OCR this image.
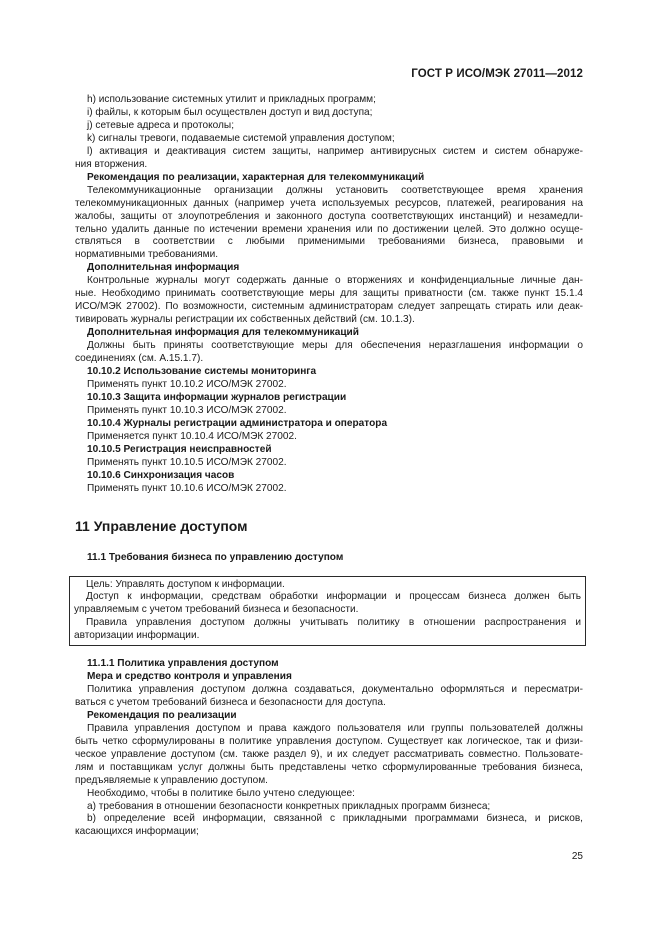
ГОСТ Р ИСО/МЭК 27011—2012
h) использование системных утилит и прикладных программ;
i) файлы, к которым был осуществлен доступ и вид доступа;
j) сетевые адреса и протоколы;
k) сигналы тревоги, подаваемые системой управления доступом;
l) активация и деактивация систем защиты, например антивирусных систем и систем обнаруже-
ния вторжения.
Рекомендация по реализации, характерная для телекоммуникаций
Телекоммуникационные организации должны установить соответствующее время хранения
телекоммуникационных данных (например учета используемых ресурсов, платежей, реагирования на
жалобы, защиты от злоупотребления и законного доступа соответствующих инстанций) и незамедли-
тельно удалить данные по истечении времени хранения или по достижении целей. Это должно осуще-
ствляться в соответствии с любыми применимыми требованиями бизнеса, правовыми и
нормативными требованиями.
Дополнительная информация
Контрольные журналы могут содержать данные о вторжениях и конфиденциальные личные дан-
ные. Необходимо принимать соответствующие меры для защиты приватности (см. также пункт 15.1.4
ИСО/МЭК 27002). По возможности, системным администраторам следует запрещать стирать или деак-
тивировать журналы регистрации их собственных действий (см. 10.1.3).
Дополнительная информация для телекоммуникаций
Должны быть приняты соответствующие меры для обеспечения неразглашения информации о
соединениях (см. А.15.1.7).
10.10.2 Использование системы мониторинга
Применять пункт 10.10.2 ИСО/МЭК 27002.
10.10.3 Защита информации журналов регистрации
Применять пункт 10.10.3 ИСО/МЭК 27002.
10.10.4 Журналы регистрации администратора и оператора
Применяется пункт 10.10.4 ИСО/МЭК 27002.
10.10.5 Регистрация неисправностей
Применять пункт 10.10.5 ИСО/МЭК 27002.
10.10.6 Синхронизация часов
Применять пункт 10.10.6 ИСО/МЭК 27002.
11 Управление доступом
11.1 Требования бизнеса по управлению доступом
Цель: Управлять доступом к информации.
Доступ к информации, средствам обработки информации и процессам бизнеса должен быть
управляемым с учетом требований бизнеса и безопасности.
Правила управления доступом должны учитывать политику в отношении распространения и
авторизации информации.
11.1.1 Политика управления доступом
Мера и средство контроля и управления
Политика управления доступом должна создаваться, документально оформляться и пересматри-
ваться с учетом требований бизнеса и безопасности для доступа.
Рекомендация по реализации
Правила управления доступом и права каждого пользователя или группы пользователей должны
быть четко сформулированы в политике управления доступом. Существует как логическое, так и физи-
ческое управление доступом (см. также раздел 9), и их следует рассматривать совместно. Пользовате-
лям и поставщикам услуг должны быть представлены четко сформулированные требования бизнеса,
предъявляемые к управлению доступом.
Необходимо, чтобы в политике было учтено следующее:
a) требования в отношении безопасности конкретных прикладных программ бизнеса;
b) определение всей информации, связанной с прикладными программами бизнеса, и рисков,
касающихся информации;
25
